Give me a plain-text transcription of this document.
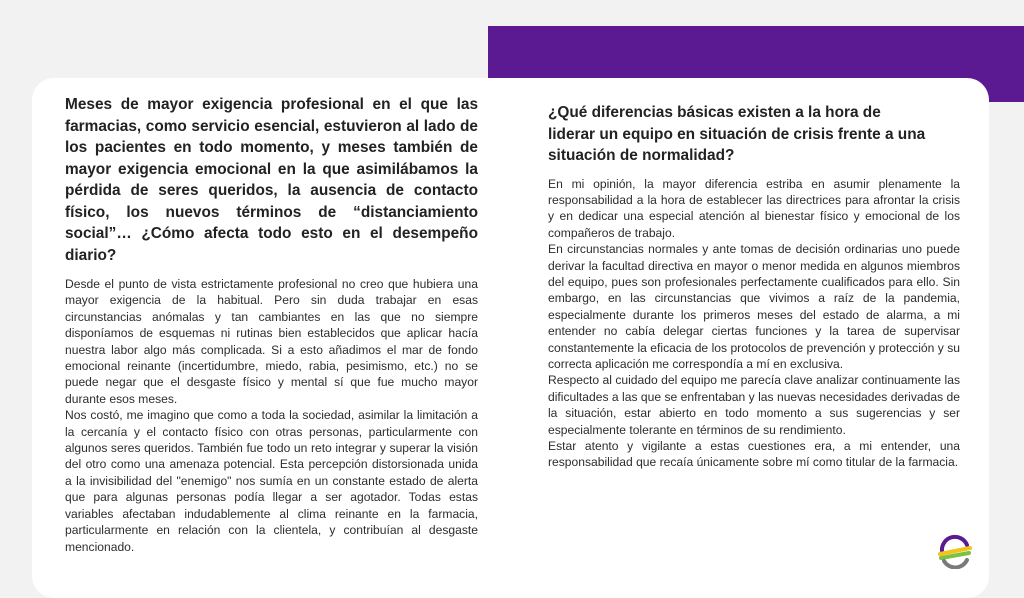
Meses de mayor exigencia profesional en el que las farmacias, como servicio esencial, estuvieron al lado de los pacientes en todo momento, y meses también de mayor exigencia emocional en la que asimilábamos la pérdida de seres queridos, la ausencia de contacto físico, los nuevos términos de “distanciamiento social”… ¿Cómo afecta todo esto en el desempeño diario?

Desde el punto de vista estrictamente profesional no creo que hubiera una mayor exigencia de la habitual. Pero sin duda trabajar en esas circunstancias anómalas y tan cambiantes en las que no siempre disponíamos de esquemas ni rutinas bien establecidos que aplicar hacía nuestra labor algo más complicada. Si a esto añadimos el mar de fondo emocional reinante (incertidumbre, miedo, rabia, pesimismo, etc.) no se puede negar que el desgaste físico y mental sí que fue mucho mayor durante esos meses.

Nos costó, me imagino que como a toda la sociedad, asimilar la limitación a la cercanía y el contacto físico con otras personas, particularmente con algunos seres queridos. También fue todo un reto integrar y superar la visión del otro como una amenaza potencial. Esta percepción distorsionada unida a la invisibilidad del "enemigo" nos sumía en un constante estado de alerta que para algunas personas podía llegar a ser agotador. Todas estas variables afectaban indudablemente al clima reinante en la farmacia, particularmente en relación con la clientela, y contribuían al desgaste mencionado.

¿Qué diferencias básicas existen a la hora de liderar un equipo en situación de crisis frente a una situación de normalidad?

En mi opinión, la mayor diferencia estriba en asumir plenamente la responsabilidad a la hora de establecer las directrices para afrontar la crisis y en dedicar una especial atención al bienestar físico y emocional de los compañeros de trabajo.

En circunstancias normales y ante tomas de decisión ordinarias uno puede derivar la facultad directiva en mayor o menor medida en algunos miembros del equipo, pues son profesionales perfectamente cualificados para ello. Sin embargo, en las circunstancias que vivimos a raíz de la pandemia, especialmente durante los primeros meses del estado de alarma, a mi entender no cabía delegar ciertas funciones y la tarea de supervisar constantemente la eficacia de los protocolos de prevención y protección y su correcta aplicación me correspondía a mí en exclusiva.

Respecto al cuidado del equipo me parecía clave analizar continuamente las dificultades a las que se enfrentaban y las nuevas necesidades derivadas de la situación, estar abierto en todo momento a sus sugerencias y ser especialmente tolerante en términos de su rendimiento.

Estar atento y vigilante a estas cuestiones era, a mi entender, una responsabilidad que recaía únicamente sobre mí como titular de la farmacia.
